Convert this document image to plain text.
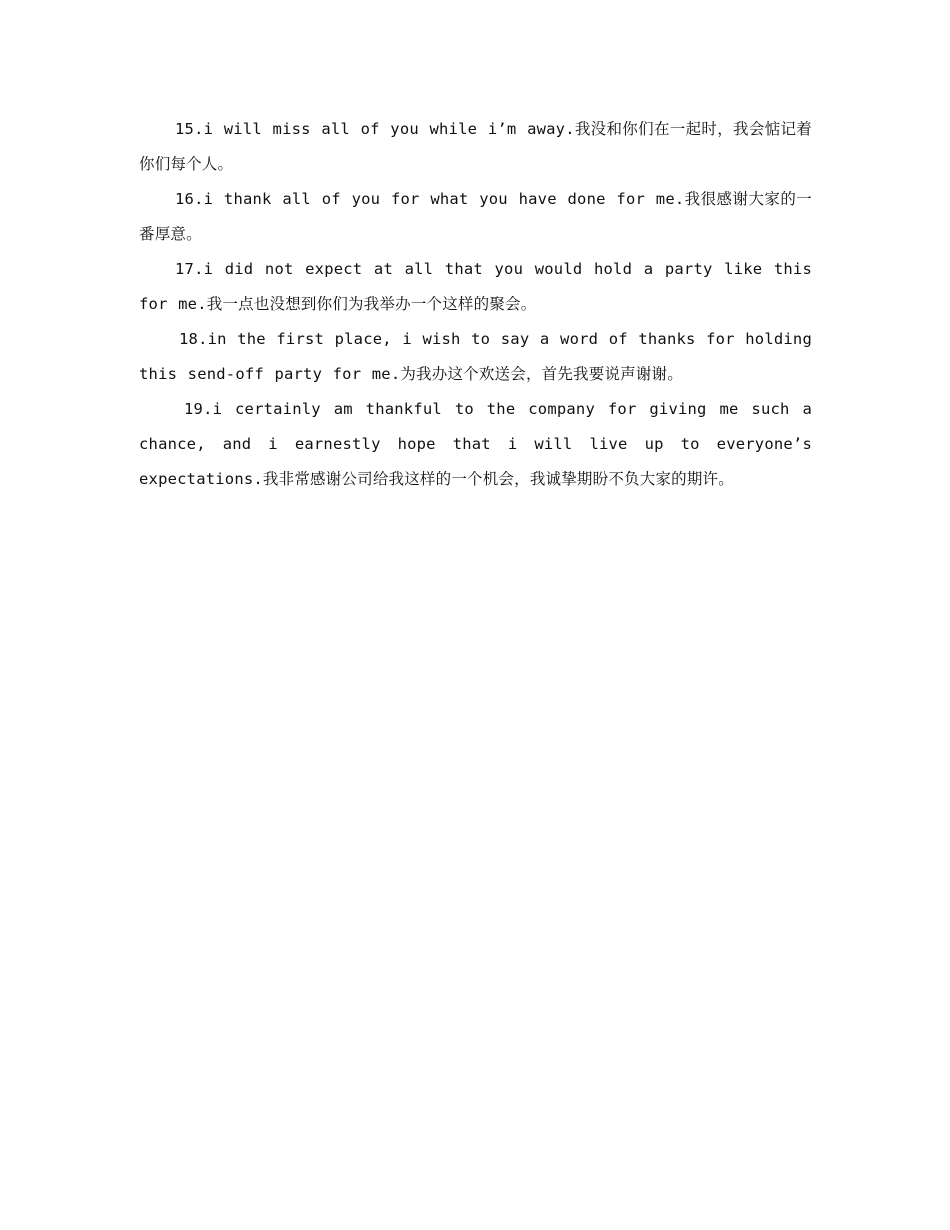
15.i will miss all of you while i’m away.我没和你们在一起时，我会惦记着你们每个人。

16.i thank all of you for what you have done for me.我很感谢大家的一番厚意。

17.i did not expect at all that you would hold a party like this for me.我一点也没想到你们为我举办一个这样的聚会。

18.in the first place, i wish to say a word of thanks for holding this send-off party for me.为我办这个欢送会，首先我要说声谢谢。

19.i certainly am thankful to the company for giving me such a chance, and i earnestly hope that i will live up to everyone’s expectations.我非常感谢公司给我这样的一个机会，我诚挚期盼不负大家的期许。
